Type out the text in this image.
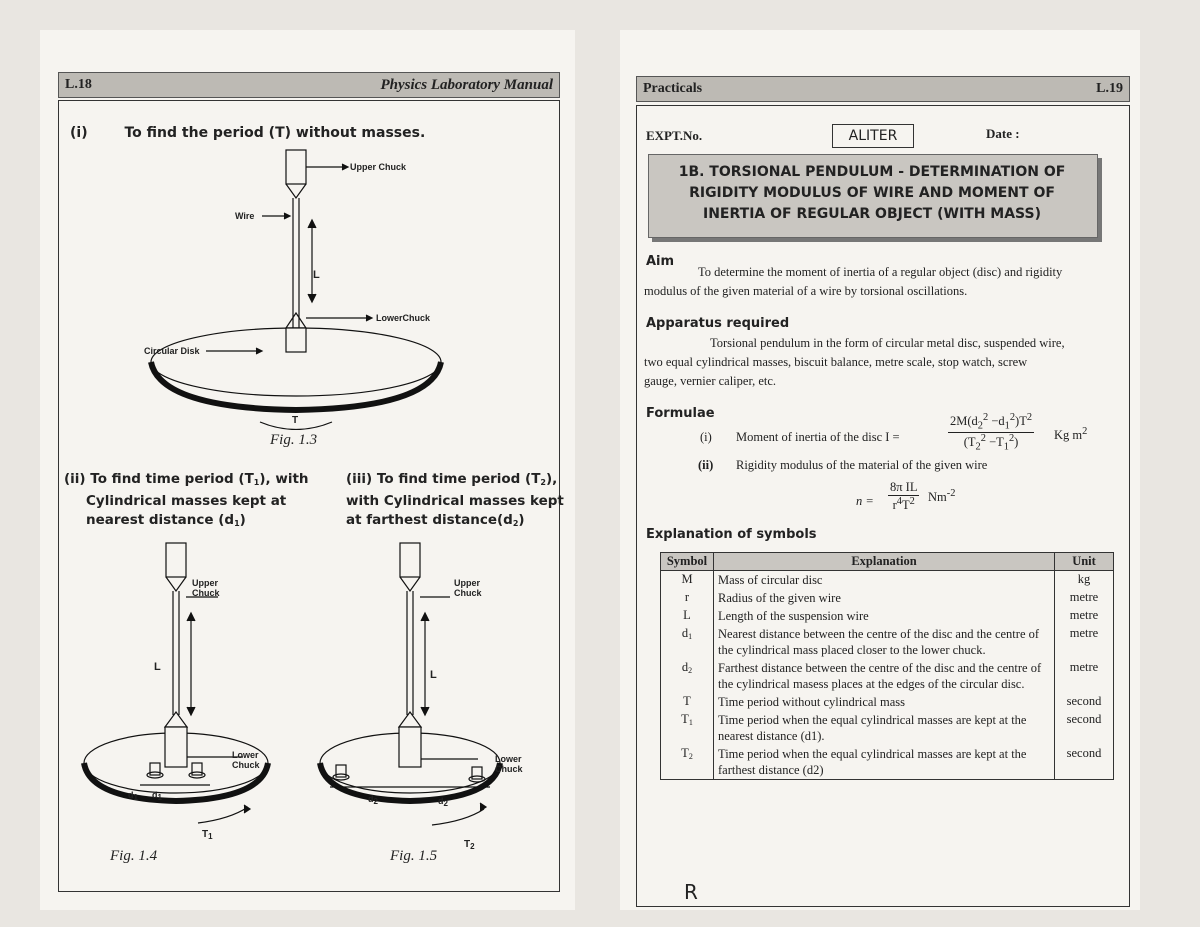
L.18	Physics Laboratory Manual
(i)	To find the period (T) without masses.
Upper Chuck
Wire
L
LowerChuck
Circular Disk
T
Fig. 1.3
(ii) To find time period $(T_1)$, with
Cylindrical masses kept at
nearest distance $(d_1)$
(iii) To find time period $(T_2)$,
with Cylindrical masses kept
at farthest $distance(d_2)$
Upper
Chuck
L
Lower
Chuck
d1 d1
$T_1$
Fig. 1.4
Upper
Chuck
L
Lower
Chuck
d2	d2
$T_2$
Fig. 1.5
Practicals	L.19
EXPT.No.	ALITER	Date :
1B. TORSIONAL PENDULUM - DETERMINATION OF
RIGIDITY MODULUS OF WIRE AND MOMENT OF
INERTIA OF REGULAR OBJECT (WITH MASS)
Aim
To determine the moment of inertia of a regular object (disc) and rigidity
modulus of the given material of a wire by torsional oscillations.
Apparatus required
Torsional pendulum in the form of circular metal disc, suspended wire,
two equal cylindrical masses, biscuit balance, metre scale, stop watch, screw
gauge, vernier caliper, etc.
Formulae
(i) Moment of inertia of the disc I =	$\frac{2M(d_2^2 -d_1^2)T^2}{(T_2^2 -T_1^2)}$ Kg $m^2$
(ii) Rigidity modulus of the material of the given wire
$n = \frac{\text{8π IL}}{r^4T^2} Nm^{-2}$
Explanation of symbols
Symbol	Explanation	Unit
M	Mass of circular disc	kg
r	Radius of the given wire	metre
L	Length of the suspension wire	metre
$d_1$	Nearest distance between the centre of the disc and the centre of the cylindrical mass placed closer to the lower chuck.	metre
$d_2$	Farthest distance between the centre of the disc and the centre of the cylindrical masess places at the edges of the circular disc.	metre
T	Time period without cylindrical mass	second
$T_1$	Time period when the equal cylindrical masses are kept at the nearest distance (d1).	second
$T_2$	Time period when the equal cylindrical masses are kept at the farthest distance (d2)	second
R
